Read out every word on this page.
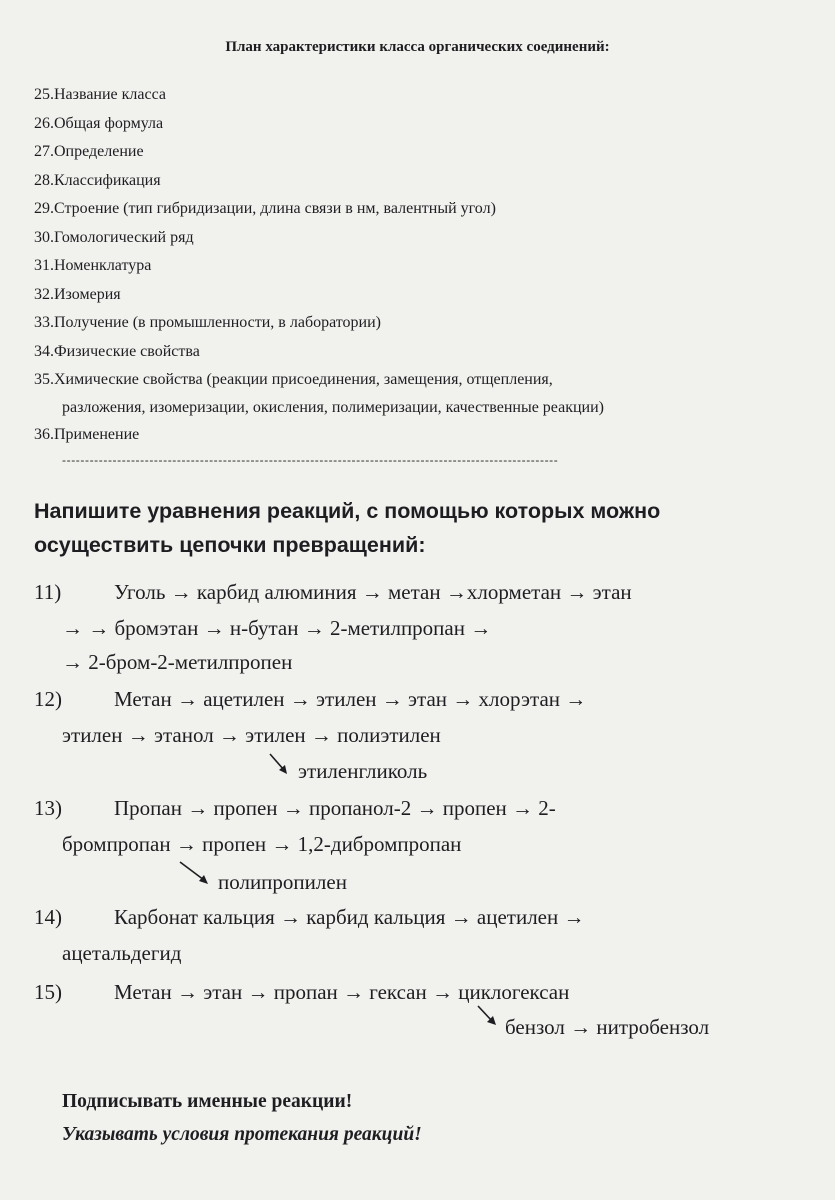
План характеристики класса органических соединений:
25.Название класса
26.Общая формула
27.Определение
28.Классификация
29.Строение (тип гибридизации, длина связи в нм, валентный угол)
30.Гомологический ряд
31.Номенклатура
32.Изомерия
33.Получение (в промышленности, в лаборатории)
34.Физические свойства
35.Химические свойства (реакции присоединения, замещения, отщепления,
разложения, изомеризации, окисления, полимеризации, качественные реакции)
36.Применение
------------------------------------------------------------------------------------------------------------
Напишите уравнения реакций, с помощью которых можно
осуществить цепочки превращений:
11)	Уголь → карбид алюминия → метан →хлорметан → этан
→ → бромэтан → н-бутан → 2-метилпропан →
→ 2-бром-2-метилпропен
12) Метан → ацетилен → этилен → этан → хлорэтан →
этилен → этанол → этилен → полиэтилен
этиленгликоль
13) Пропан → пропен → пропанол-2 → пропен → 2-
бромпропан → пропен → 1,2-дибромпропан
полипропилен
14) Карбонат кальция → карбид кальция → ацетилен →
ацетальдегид
15) Метан → этан → пропан → гексан → циклогексан
бензол → нитробензол
Подписывать именные реакции!
Указывать условия протекания реакций!
